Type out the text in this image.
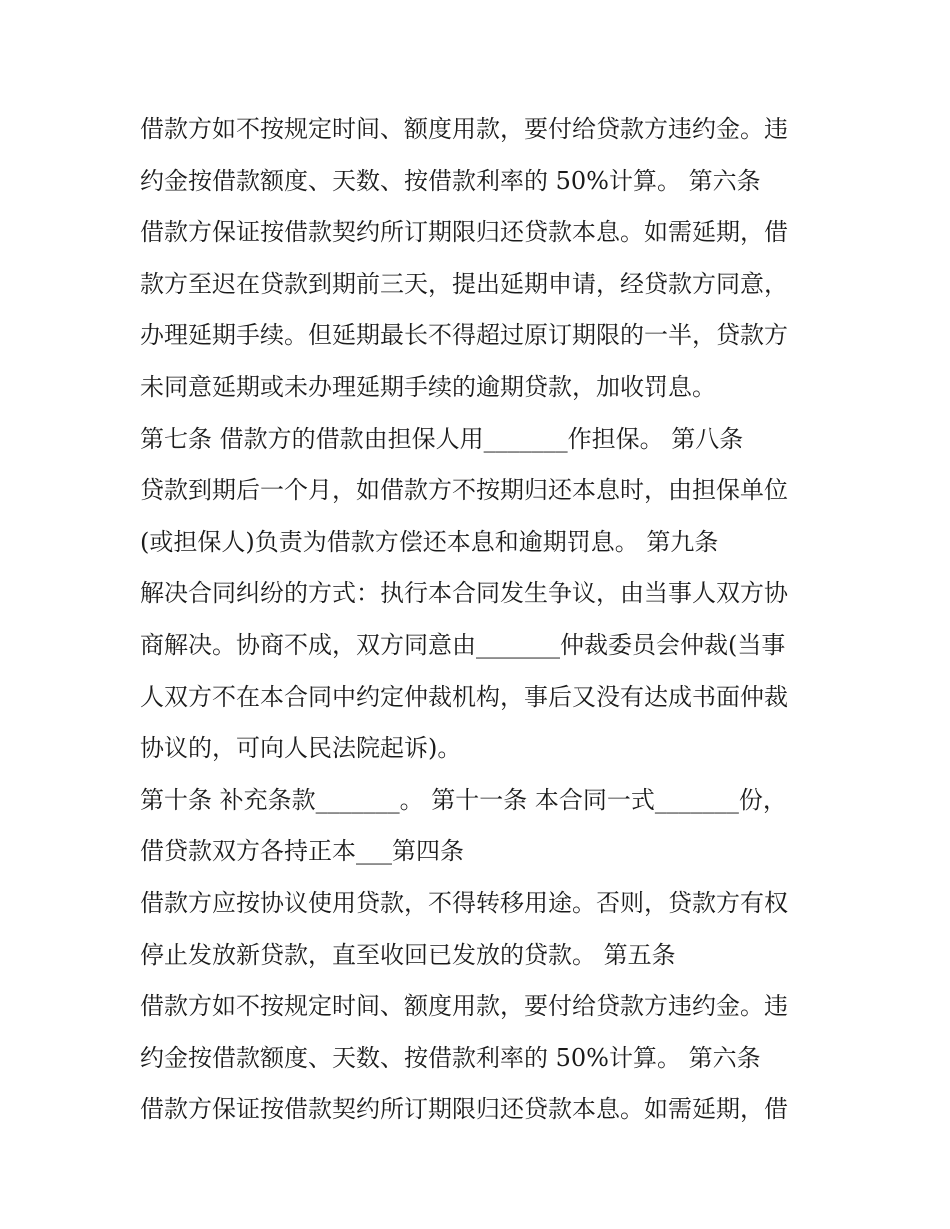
借款方如不按规定时间、额度用款，要付给贷款方违约金。违

约金按借款额度、天数、按借款利率的 50%计算。 第六条

借款方保证按借款契约所订期限归还贷款本息。如需延期，借

款方至迟在贷款到期前三天，提出延期申请，经贷款方同意，

办理延期手续。但延期最长不得超过原订期限的一半，贷款方

未同意延期或未办理延期手续的逾期贷款，加收罚息。

第七条 借款方的借款由担保人用_______作担保。 第八条

贷款到期后一个月，如借款方不按期归还本息时，由担保单位

(或担保人)负责为借款方偿还本息和逾期罚息。 第九条

解决合同纠纷的方式：执行本合同发生争议，由当事人双方协

商解决。协商不成，双方同意由_______仲裁委员会仲裁(当事

人双方不在本合同中约定仲裁机构，事后又没有达成书面仲裁

协议的，可向人民法院起诉)。

第十条 补充条款_______。 第十一条 本合同一式_______份，

借贷款双方各持正本___第四条

借款方应按协议使用贷款，不得转移用途。否则，贷款方有权

停止发放新贷款，直至收回已发放的贷款。 第五条

借款方如不按规定时间、额度用款，要付给贷款方违约金。违

约金按借款额度、天数、按借款利率的 50%计算。 第六条

借款方保证按借款契约所订期限归还贷款本息。如需延期，借
